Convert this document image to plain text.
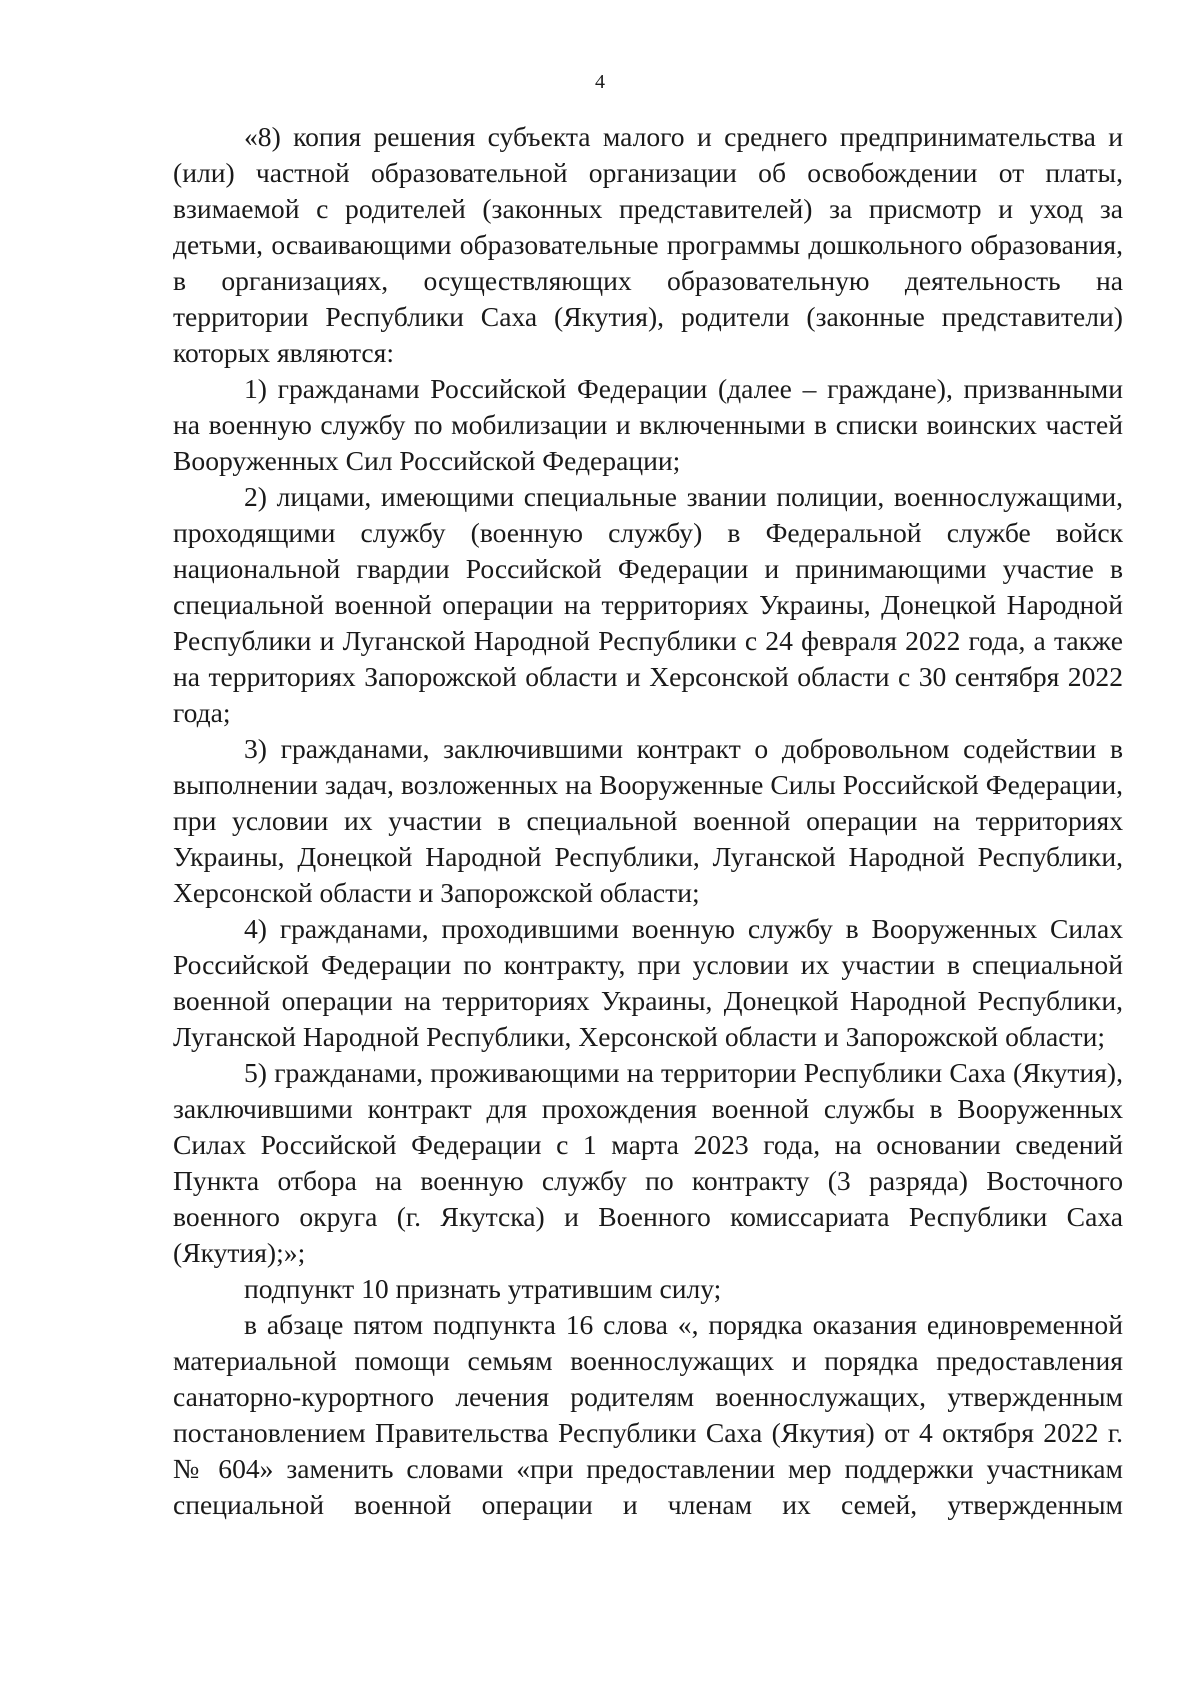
4

«8) копия решения субъекта малого и среднего предпринимательства и (или) частной образовательной организации об освобождении от платы, взимаемой с родителей (законных представителей) за присмотр и уход за детьми, осваивающими образовательные программы дошкольного образования, в организациях, осуществляющих образовательную деятельность на территории Республики Саха (Якутия), родители (законные представители) которых являются:

1) гражданами Российской Федерации (далее – граждане), призванными на военную службу по мобилизации и включенными в списки воинских частей Вооруженных Сил Российской Федерации;

2) лицами, имеющими специальные звании полиции, военнослужащими, проходящими службу (военную службу) в Федеральной службе войск национальной гвардии Российской Федерации и принимающими участие в специальной военной операции на территориях Украины, Донецкой Народной Республики и Луганской Народной Республики с 24 февраля 2022 года, а также на территориях Запорожской области и Херсонской области с 30 сентября 2022 года;

3) гражданами, заключившими контракт о добровольном содействии в выполнении задач, возложенных на Вооруженные Силы Российской Федерации, при условии их участии в специальной военной операции на территориях Украины, Донецкой Народной Республики, Луганской Народной Республики, Херсонской области и Запорожской области;

4) гражданами, проходившими военную службу в Вооруженных Силах Российской Федерации по контракту, при условии их участии в специальной военной операции на территориях Украины, Донецкой Народной Республики, Луганской Народной Республики, Херсонской области и Запорожской области;

5) гражданами, проживающими на территории Республики Саха (Якутия), заключившими контракт для прохождения военной службы в Вооруженных Силах Российской Федерации с 1 марта 2023 года, на основании сведений Пункта отбора на военную службу по контракту (3 разряда) Восточного военного округа (г. Якутска) и Военного комиссариата Республики Саха (Якутия);»;

подпункт 10 признать утратившим силу;

в абзаце пятом подпункта 16 слова «, порядка оказания единовременной материальной помощи семьям военнослужащих и порядка предоставления санаторно-курортного лечения родителям военнослужащих, утвержденным постановлением Правительства Республики Саха (Якутия) от 4 октября 2022 г. № 604» заменить словами «при предоставлении мер поддержки участникам специальной военной операции и членам их семей, утвержденным
